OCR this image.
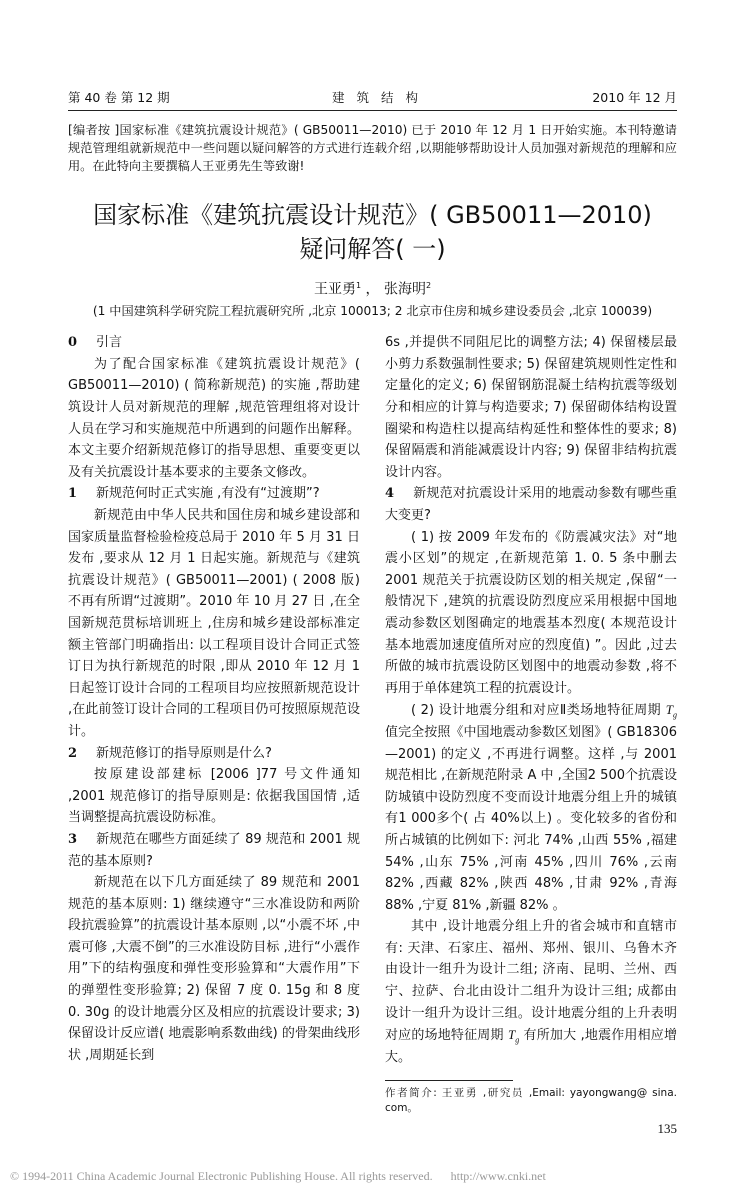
第 40 卷 第 12 期	建筑结构	2010 年 12 月
[编者按 ]国家标准《建筑抗震设计规范》( GB50011—2010) 已于 2010 年 12 月 1 日开始实施。本刊特邀请规范管理组就新规范中一些问题以疑问解答的方式进行连载介绍 ,以期能够帮助设计人员加强对新规范的理解和应用。在此特向主要撰稿人王亚勇先生等致谢!
国家标准《建筑抗震设计规范》( GB50011—2010)
疑问解答( 一)
王亚勇$^1$ ， 张海明$^2$
(1 中国建筑科学研究院工程抗震研究所 ,北京 100013; 2 北京市住房和城乡建设委员会 ,北京 100039)
0 引言

为了配合国家标准《建筑抗震设计规范》( GB50011—2010) ( 简称新规范) 的实施 ,帮助建筑设计人员对新规范的理解 ,规范管理组将对设计人员在学习和实施规范中所遇到的问题作出解释。本文主要介绍新规范修订的指导思想、重要变更以及有关抗震设计基本要求的主要条文修改。

1 新规范何时正式实施 ,有没有“过渡期”?

新规范由中华人民共和国住房和城乡建设部和国家质量监督检验检疫总局于 2010 年 5 月 31 日发布 ,要求从 12 月 1 日起实施。新规范与《建筑抗震设计规范》( GB50011—2001) ( 2008 版) 不再有所谓“过渡期”。2010 年 10 月 27 日 ,在全国新规范贯标培训班上 ,住房和城乡建设部标准定额主管部门明确指出: 以工程项目设计合同正式签订日为执行新规范的时限 ,即从 2010 年 12 月 1 日起签订设计合同的工程项目均应按照新规范设计 ,在此前签订设计合同的工程项目仍可按照原规范设计。

2 新规范修订的指导原则是什么?

按原建设部建标 [2006 ]77 号文件通知 ,2001 规范修订的指导原则是: 依据我国国情 ,适当调整提高抗震设防标准。

3 新规范在哪些方面延续了 89 规范和 2001 规范的基本原则?

新规范在以下几方面延续了 89 规范和 2001 规范的基本原则: 1) 继续遵守“三水准设防和两阶段抗震验算”的抗震设计基本原则 ,以“小震不坏 ,中震可修 ,大震不倒”的三水准设防目标 ,进行“小震作用”下的结构强度和弹性变形验算和“大震作用”下的弹塑性变形验算; 2) 保留 7 度 0. 15g 和 8 度 0. 30g 的设计地震分区及相应的抗震设计要求; 3) 保留设计反应谱( 地震影响系数曲线) 的骨架曲线形状 ,周期延长到

6s ,并提供不同阻尼比的调整方法; 4) 保留楼层最小剪力系数强制性要求; 5) 保留建筑规则性定性和定量化的定义; 6) 保留钢筋混凝土结构抗震等级划分和相应的计算与构造要求; 7) 保留砌体结构设置圈梁和构造柱以提高结构延性和整体性的要求; 8) 保留隔震和消能减震设计内容; 9) 保留非结构抗震设计内容。

4 新规范对抗震设计采用的地震动参数有哪些重大变更?

( 1) 按 2009 年发布的《防震减灾法》对“地震小区划”的规定 ,在新规范第 1. 0. 5 条中删去 2001 规范关于抗震设防区划的相关规定 ,保留“一般情况下 ,建筑的抗震设防烈度应采用根据中国地震动参数区划图确定的地震基本烈度( 本规范设计基本地震加速度值所对应的烈度值) ”。因此 ,过去所做的城市抗震设防区划图中的地震动参数 ,将不再用于单体建筑工程的抗震设计。

( 2) 设计地震分组和对应Ⅱ类场地特征周期 $T_g$ 值完全按照《中国地震动参数区划图》( GB18306—2001) 的定义 ,不再进行调整。这样 ,与 2001 规范相比 ,在新规范附录 A 中 ,全国2 500个抗震设防城镇中设防烈度不变而设计地震分组上升的城镇有1 000多个( 占 40%以上) 。变化较多的省份和所占城镇的比例如下: 河北 74% ,山西 55% ,福建54% ,山东 75% ,河南 45% ,四川 76% ,云南 82% ,西藏 82% ,陕西 48% ,甘肃 92% ,青海 88% ,宁夏 81% ,新疆 82% 。

其中 ,设计地震分组上升的省会城市和直辖市有: 天津、石家庄、福州、郑州、银川、乌鲁木齐由设计一组升为设计二组; 济南、昆明、兰州、西宁、拉萨、台北由设计二组升为设计三组; 成都由设计一组升为设计三组。设计地震分组的上升表明对应的场地特征周期 $T_g$ 有所加大 ,地震作用相应增大。

作者简介: 王亚勇 ,研究员 ,Email: yayongwang@ sina. com。
135
© 1994-2011 China Academic Journal Electronic Publishing House. All rights reserved. http://www.cnki.net
